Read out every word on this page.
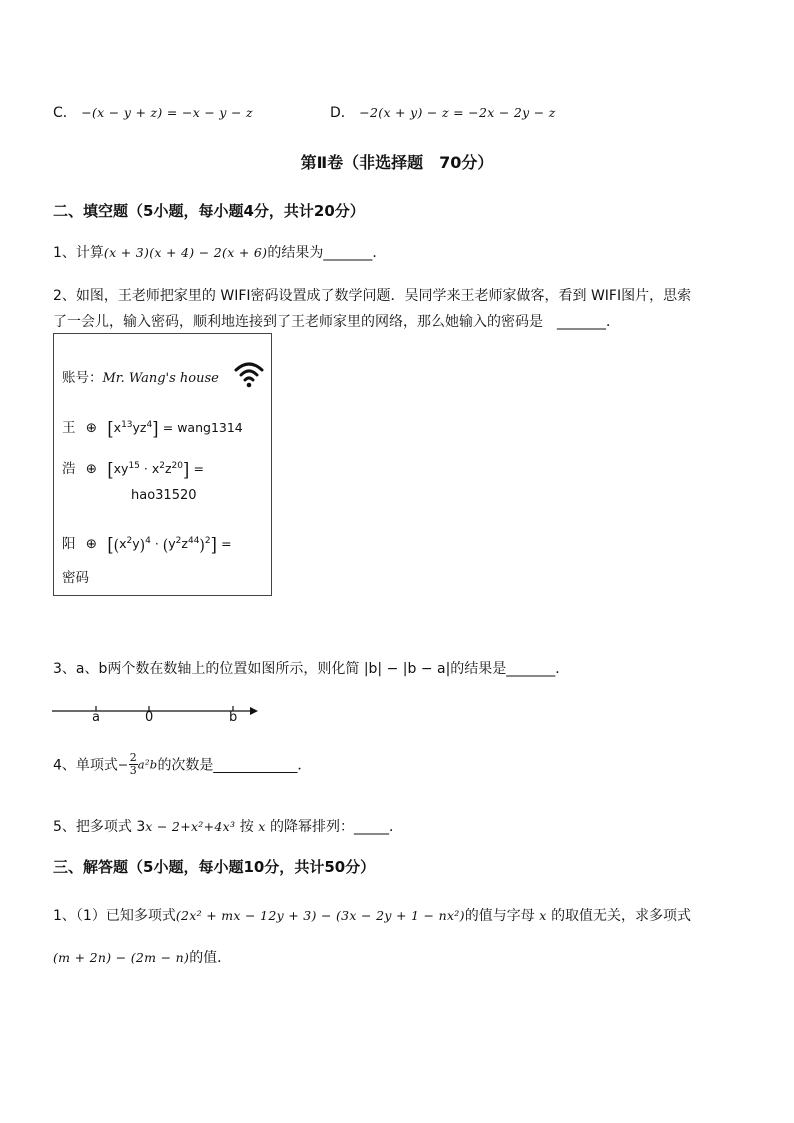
C． −(x − y + z) = −x − y − z	D． −2(x + y) − z = −2x − 2y − z
第Ⅱ卷（非选择题　70分）
二、填空题（5小题，每小题4分，共计20分）
1、计算(x + 3)(x + 4) − 2(x + 6)的结果为_______．
2、如图，王老师把家里的 WIFI密码设置成了数学问题．吴同学来王老师家做客，看到 WIFI图片，思索
了一会儿，输入密码，顺利地连接到了王老师家里的网络，那么她输入的密码是　_______．
账号：Mr. Wang's house
王 ⊕ $[x^{13}yz^4]$ = wang1314
浩 ⊕ $[xy^{15} \cdot x^2z^{20}]$ =
hao31520
阳 ⊕ $[(x^2y)^4 \cdot (y^2z^{44})^2]$ =
密码
3、a、b两个数在数轴上的位置如图所示，则化简 |b| − |b − a|的结果是_______．
a	0	b
4、单项式− $\frac{2}{3} a^2b$的次数是____________．
5、把多项式 3x − 2+x²+4x³ 按 x 的降幂排列：_____．
三、解答题（5小题，每小题10分，共计50分）
1、（1）已知多项式(2x² + mx − 12y + 3) − (3x − 2y + 1 − nx²)的值与字母 x 的取值无关，求多项式
(m + 2n) − (2m − n)的值．
